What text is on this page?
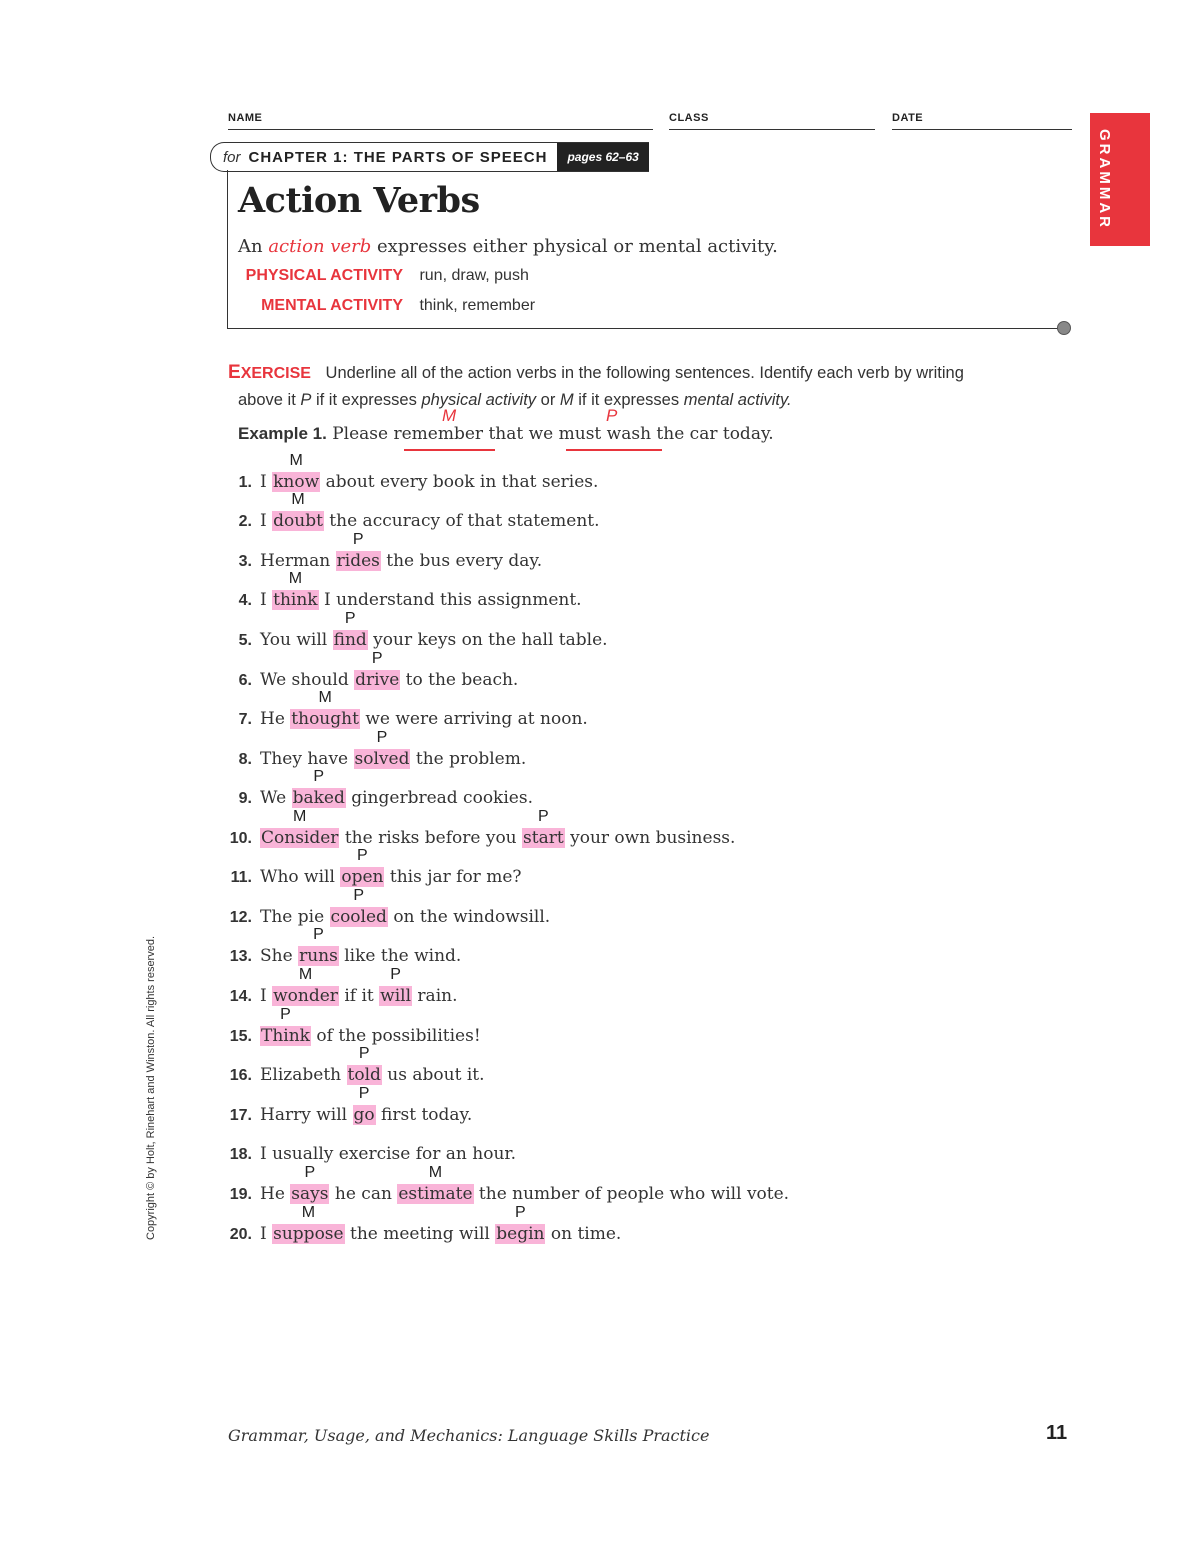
NAME	CLASS	DATE
GRAMMAR
for CHAPTER 1: THE PARTS OF SPEECH	pages 62–63
Action Verbs
An action verb expresses either physical or mental activity.
PHYSICAL ACTIVITY run, draw, push
MENTAL ACTIVITY think, remember
EXERCISE Underline all of the action verbs in the following sentences. Identify each verb by writing
above it P if it expresses physical activity or M if it expresses mental activity.
Example 1. Please remember that we must wash the car today.
M	P
1. I know
M
about every book in that series.
2. I doubt
M
the accuracy of that statement.
3. Herman rides
P
the bus every day.
4. I think
M
I understand this assignment.
5. You will find
P
your keys on the hall table.
6. We should drive
P
to the beach.
7. He thought
M
we were arriving at noon.
8. They have solved
P
the problem.
9. We baked
P
gingerbread cookies.
10. Consider
M
the risks before you start
P
your own business.
11. Who will open
P
this jar for me?
12. The pie cooled
P
on the windowsill.
13. She runs
P
like the wind.
14. I wonder
M
if it will
P
rain.
15. Think
P
of the possibilities!
16. Elizabeth told
P
us about it.
17. Harry will go
P
first today.
18. I usually exercise for an hour.
19. He says
P
he can estimate
M
the number of people who will vote.
20. I suppose
M
the meeting will begin
P
on time.
Copyright © by Holt, Rinehart and Winston. All rights reserved.
Grammar, Usage, and Mechanics: Language Skills Practice	11
